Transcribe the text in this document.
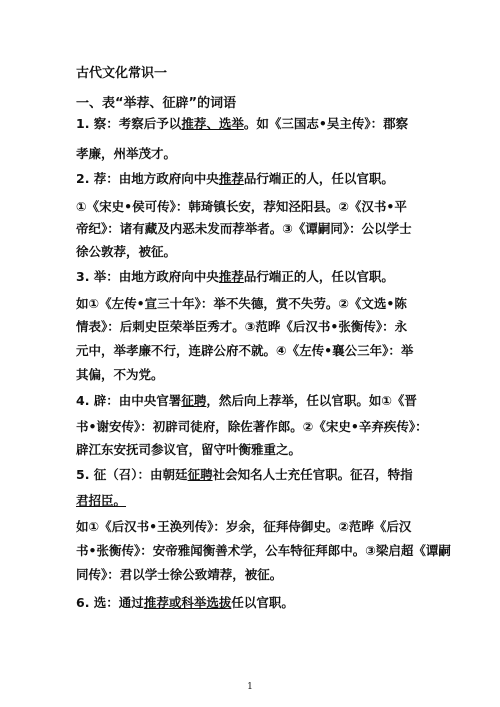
古代文化常识一
一、表“举荐、征辟”的词语
1. 察：考察后予以推荐、选举。如《三国志•吴主传》：郡察
孝廉，州举茂才。
2. 荐：由地方政府向中央推荐品行端正的人，任以官职。
①《宋史•侯可传》：韩琦镇长安，荐知泾阳县。②《汉书•平
帝纪》：诸有藏及内恶未发而荐举者。③《谭嗣同》：公以学士
徐公敦荐，被征。
3. 举：由地方政府向中央推荐品行端正的人，任以官职。
如①《左传•宣三十年》：举不失德，赏不失劳。②《文选•陈
情表》：后刺史臣荣举臣秀才。③范晔《后汉书•张衡传》：永
元中，举孝廉不行，连辟公府不就。④《左传•襄公三年》：举
其偏，不为党。
4. 辟：由中央官署征聘，然后向上荐举，任以官职。如①《晋
书•谢安传》：初辟司徒府，除佐著作郎。②《宋史•辛弃疾传》：
辟江东安抚司参议官，留守叶衡雅重之。
5. 征（召）：由朝廷征聘社会知名人士充任官职。征召，特指
君招臣。
如①《后汉书•王涣列传》：岁余，征拜侍御史。②范晔《后汉
书•张衡传》：安帝雅闻衡善术学，公车特征拜郎中。③梁启超《谭嗣
同传》：君以学士徐公致靖荐，被征。
6. 选：通过推荐或科举选拔任以官职。
1
